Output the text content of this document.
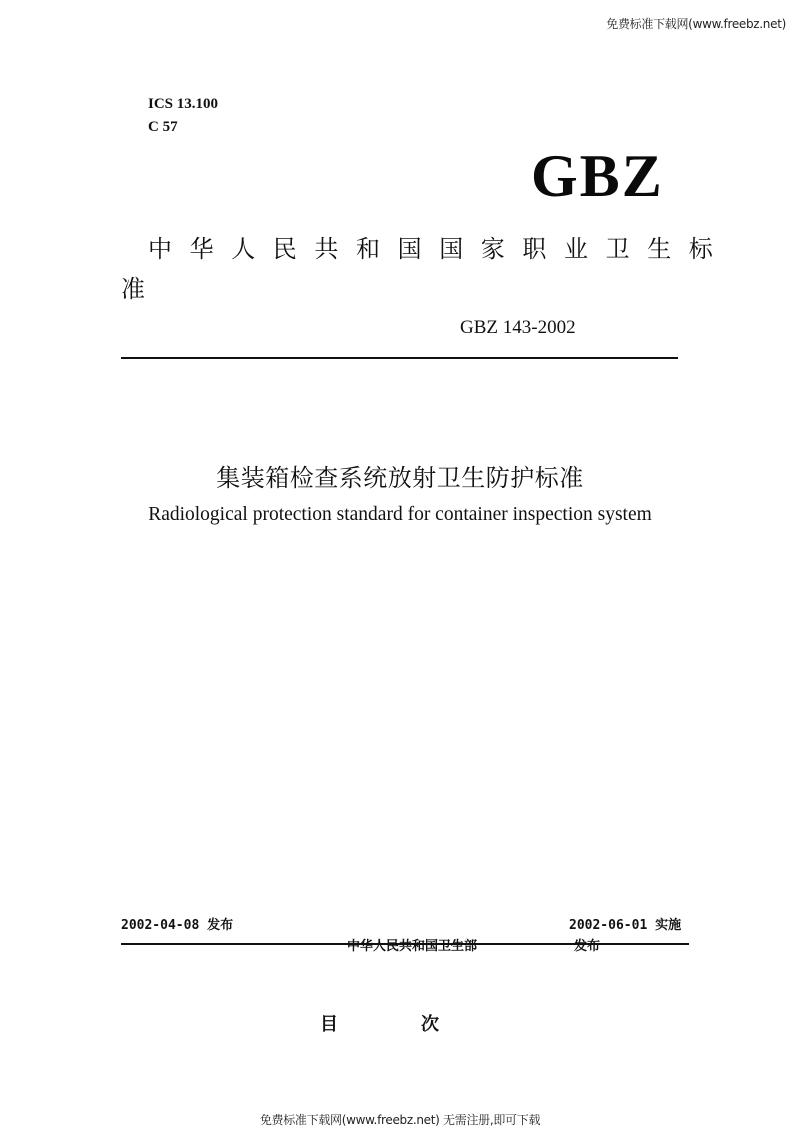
免费标准下载网(www.freebz.net)
ICS 13.100
C 57
GBZ
中华人民共和国国家职业卫生标
准
GBZ 143-2002
集装箱检查系统放射卫生防护标准
Radiological protection standard for container inspection system
2002-04-08 发布	2002-06-01 实施
中华人民共和国卫生部	发布
目	次
免费标准下载网(www.freebz.net) 无需注册,即可下载
